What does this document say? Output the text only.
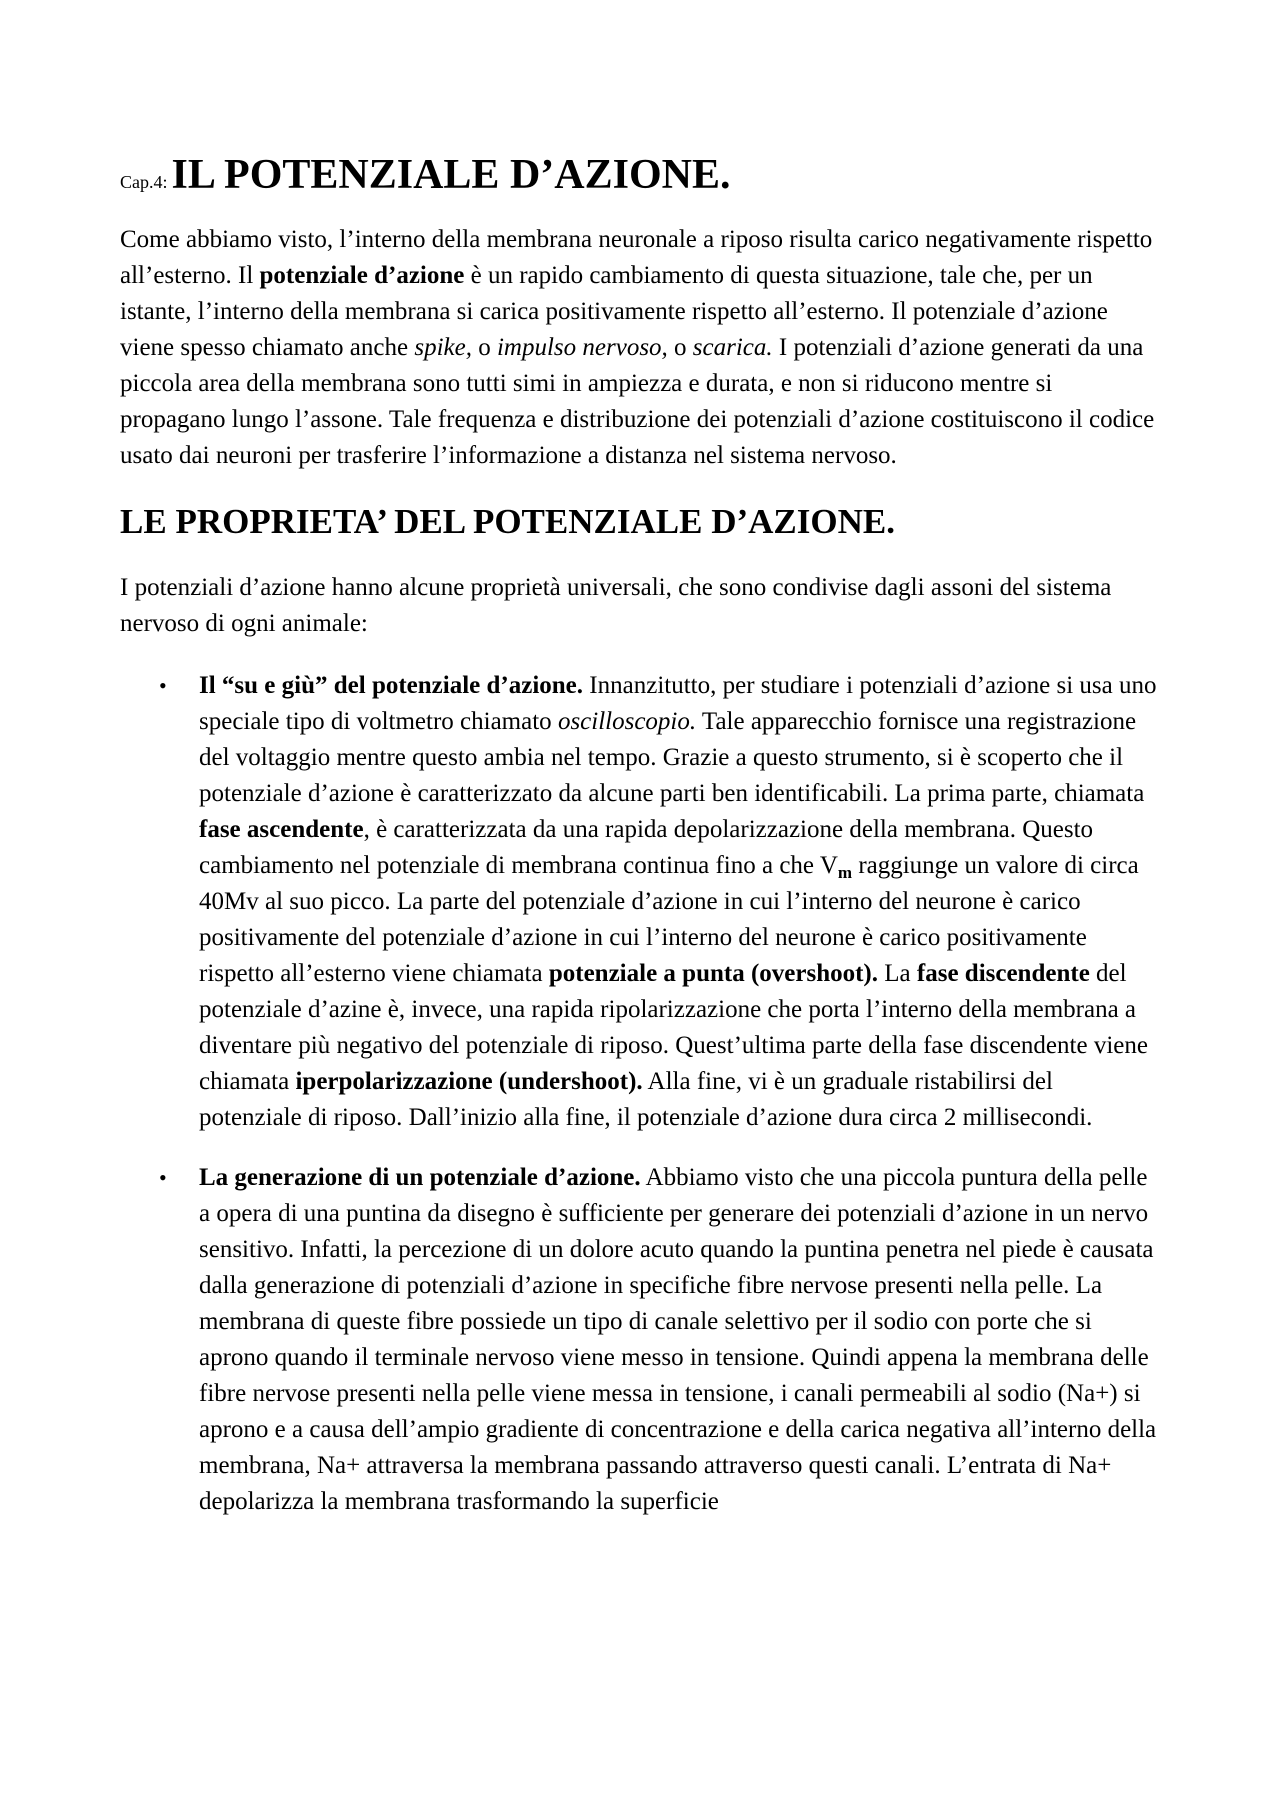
Cap.4: IL POTENZIALE D’AZIONE.

Come abbiamo visto, l’interno della membrana neuronale a riposo risulta carico negativamente rispetto all’esterno. Il potenziale d’azione è un rapido cambiamento di questa situazione, tale che, per un istante, l’interno della membrana si carica positivamente rispetto all’esterno. Il potenziale d’azione viene spesso chiamato anche spike, o impulso nervoso, o scarica. I potenziali d’azione generati da una piccola area della membrana sono tutti simi in ampiezza e durata, e non si riducono mentre si propagano lungo l’assone. Tale frequenza e distribuzione dei potenziali d’azione costituiscono il codice usato dai neuroni per trasferire l’informazione a distanza nel sistema nervoso.

LE PROPRIETA’ DEL POTENZIALE D’AZIONE.

I potenziali d’azione hanno alcune proprietà universali, che sono condivise dagli assoni del sistema nervoso di ogni animale:

• Il “su e giù” del potenziale d’azione. Innanzitutto, per studiare i potenziali d’azione si usa uno speciale tipo di voltmetro chiamato oscilloscopio. Tale apparecchio fornisce una registrazione del voltaggio mentre questo ambia nel tempo. Grazie a questo strumento, si è scoperto che il potenziale d’azione è caratterizzato da alcune parti ben identificabili. La prima parte, chiamata fase ascendente, è caratterizzata da una rapida depolarizzazione della membrana. Questo cambiamento nel potenziale di membrana continua fino a che $V_m$ raggiunge un valore di circa 40Mv al suo picco. La parte del potenziale d’azione in cui l’interno del neurone è carico positivamente del potenziale d’azione in cui l’interno del neurone è carico positivamente rispetto all’esterno viene chiamata potenziale a punta (overshoot). La fase discendente del potenziale d’azine è, invece, una rapida ripolarizzazione che porta l’interno della membrana a diventare più negativo del potenziale di riposo. Quest’ultima parte della fase discendente viene chiamata iperpolarizzazione (undershoot). Alla fine, vi è un graduale ristabilirsi del potenziale di riposo. Dall’inizio alla fine, il potenziale d’azione dura circa 2 millisecondi.
• La generazione di un potenziale d’azione. Abbiamo visto che una piccola puntura della pelle a opera di una puntina da disegno è sufficiente per generare dei potenziali d’azione in un nervo sensitivo. Infatti, la percezione di un dolore acuto quando la puntina penetra nel piede è causata dalla generazione di potenziali d’azione in specifiche fibre nervose presenti nella pelle. La membrana di queste fibre possiede un tipo di canale selettivo per il sodio con porte che si aprono quando il terminale nervoso viene messo in tensione. Quindi appena la membrana delle fibre nervose presenti nella pelle viene messa in tensione, i canali permeabili al sodio (Na+) si aprono e a causa dell’ampio gradiente di concentrazione e della carica negativa all’interno della membrana, Na+ attraversa la membrana passando attraverso questi canali. L’entrata di Na+ depolarizza la membrana trasformando la superficie
